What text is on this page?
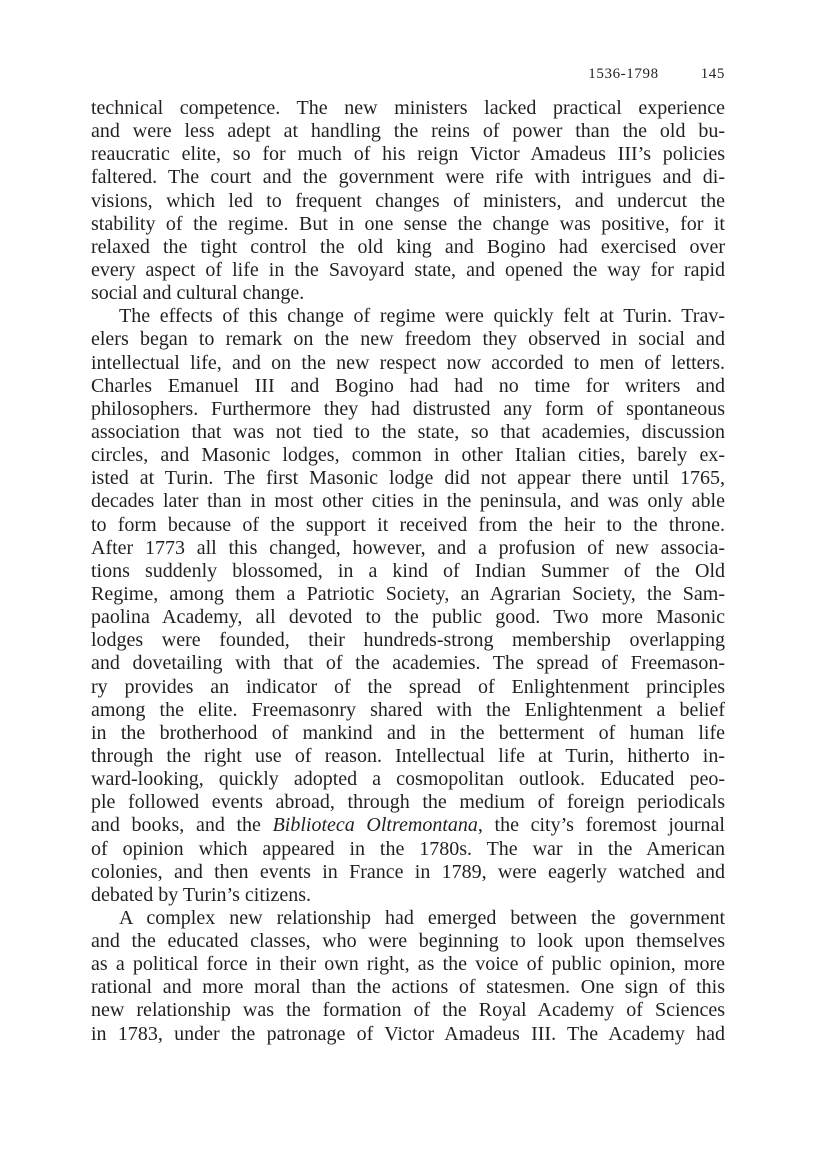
1536-1798	145
technical competence. The new ministers lacked practical experience
and were less adept at handling the reins of power than the old bu-
reaucratic elite, so for much of his reign Victor Amadeus III’s policies
faltered. The court and the government were rife with intrigues and di-
visions, which led to frequent changes of ministers, and undercut the
stability of the regime. But in one sense the change was positive, for it
relaxed the tight control the old king and Bogino had exercised over
every aspect of life in the Savoyard state, and opened the way for rapid
social and cultural change.
The effects of this change of regime were quickly felt at Turin. Trav-
elers began to remark on the new freedom they observed in social and
intellectual life, and on the new respect now accorded to men of letters.
Charles Emanuel III and Bogino had had no time for writers and
philosophers. Furthermore they had distrusted any form of spontaneous
association that was not tied to the state, so that academies, discussion
circles, and Masonic lodges, common in other Italian cities, barely ex-
isted at Turin. The first Masonic lodge did not appear there until 1765,
decades later than in most other cities in the peninsula, and was only able
to form because of the support it received from the heir to the throne.
After 1773 all this changed, however, and a profusion of new associa-
tions suddenly blossomed, in a kind of Indian Summer of the Old
Regime, among them a Patriotic Society, an Agrarian Society, the Sam-
paolina Academy, all devoted to the public good. Two more Masonic
lodges were founded, their hundreds-strong membership overlapping
and dovetailing with that of the academies. The spread of Freemason-
ry provides an indicator of the spread of Enlightenment principles
among the elite. Freemasonry shared with the Enlightenment a belief
in the brotherhood of mankind and in the betterment of human life
through the right use of reason. Intellectual life at Turin, hitherto in-
ward-looking, quickly adopted a cosmopolitan outlook. Educated peo-
ple followed events abroad, through the medium of foreign periodicals
and books, and the Biblioteca Oltremontana, the city’s foremost journal
of opinion which appeared in the 1780s. The war in the American
colonies, and then events in France in 1789, were eagerly watched and
debated by Turin’s citizens.
A complex new relationship had emerged between the government
and the educated classes, who were beginning to look upon themselves
as a political force in their own right, as the voice of public opinion, more
rational and more moral than the actions of statesmen. One sign of this
new relationship was the formation of the Royal Academy of Sciences
in 1783, under the patronage of Victor Amadeus III. The Academy had
